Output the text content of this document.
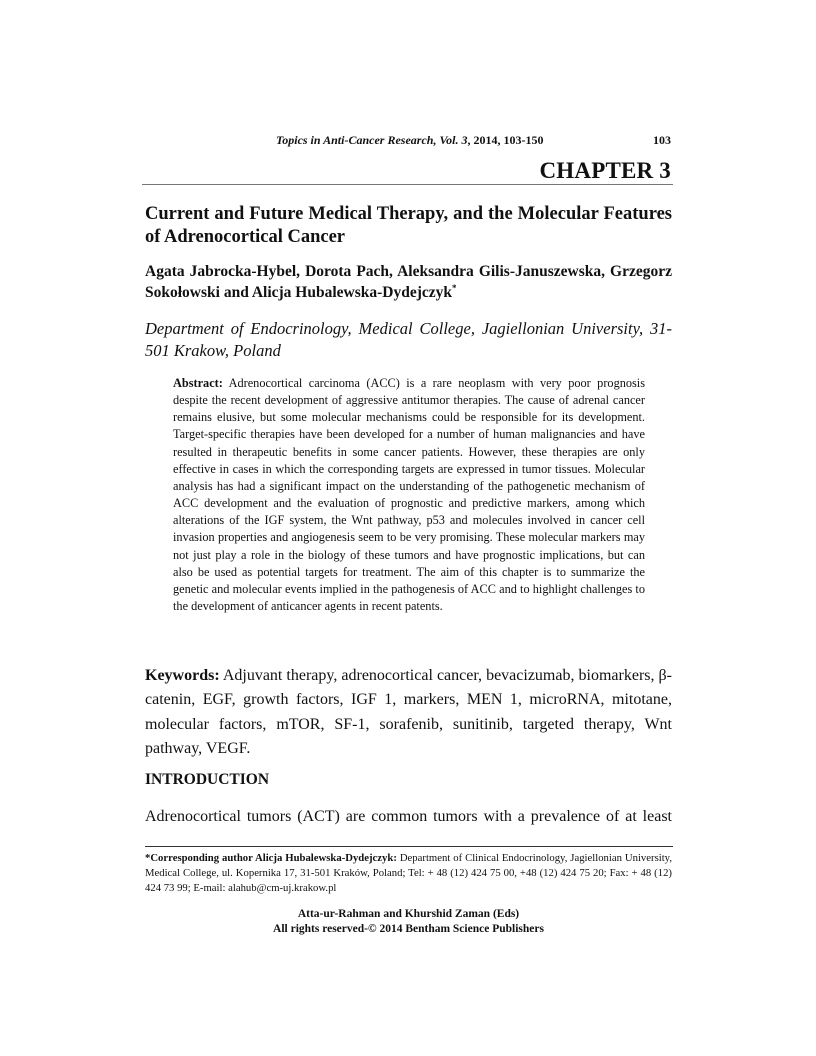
Topics in Anti-Cancer Research, Vol. 3, 2014, 103-150	103
CHAPTER 3
Current and Future Medical Therapy, and the Molecular Features of Adrenocortical Cancer
Agata Jabrocka-Hybel, Dorota Pach, Aleksandra Gilis-Januszewska, Grzegorz Sokołowski and Alicja Hubalewska-Dydejczyk*
Department of Endocrinology, Medical College, Jagiellonian University, 31-501 Krakow, Poland
Abstract: Adrenocortical carcinoma (ACC) is a rare neoplasm with very poor prognosis despite the recent development of aggressive antitumor therapies. The cause of adrenal cancer remains elusive, but some molecular mechanisms could be responsible for its development. Target-specific therapies have been developed for a number of human malignancies and have resulted in therapeutic benefits in some cancer patients. However, these therapies are only effective in cases in which the corresponding targets are expressed in tumor tissues. Molecular analysis has had a significant impact on the understanding of the pathogenetic mechanism of ACC development and the evaluation of prognostic and predictive markers, among which alterations of the IGF system, the Wnt pathway, p53 and molecules involved in cancer cell invasion properties and angiogenesis seem to be very promising. These molecular markers may not just play a role in the biology of these tumors and have prognostic implications, but can also be used as potential targets for treatment. The aim of this chapter is to summarize the genetic and molecular events implied in the pathogenesis of ACC and to highlight challenges to the development of anticancer agents in recent patents.
Keywords: Adjuvant therapy, adrenocortical cancer, bevacizumab, biomarkers, β-catenin, EGF, growth factors, IGF 1, markers, MEN 1, microRNA, mitotane, molecular factors, mTOR, SF-1, sorafenib, sunitinib, targeted therapy, Wnt pathway, VEGF.
INTRODUCTION
Adrenocortical tumors (ACT) are common tumors with a prevalence of at least
*Corresponding author Alicja Hubalewska-Dydejczyk: Department of Clinical Endocrinology, Jagiellonian University, Medical College, ul. Kopernika 17, 31-501 Kraków, Poland; Tel: + 48 (12) 424 75 00, +48 (12) 424 75 20; Fax: + 48 (12) 424 73 99; E-mail: alahub@cm-uj.krakow.pl
Atta-ur-Rahman and Khurshid Zaman (Eds)
All rights reserved-© 2014 Bentham Science Publishers
